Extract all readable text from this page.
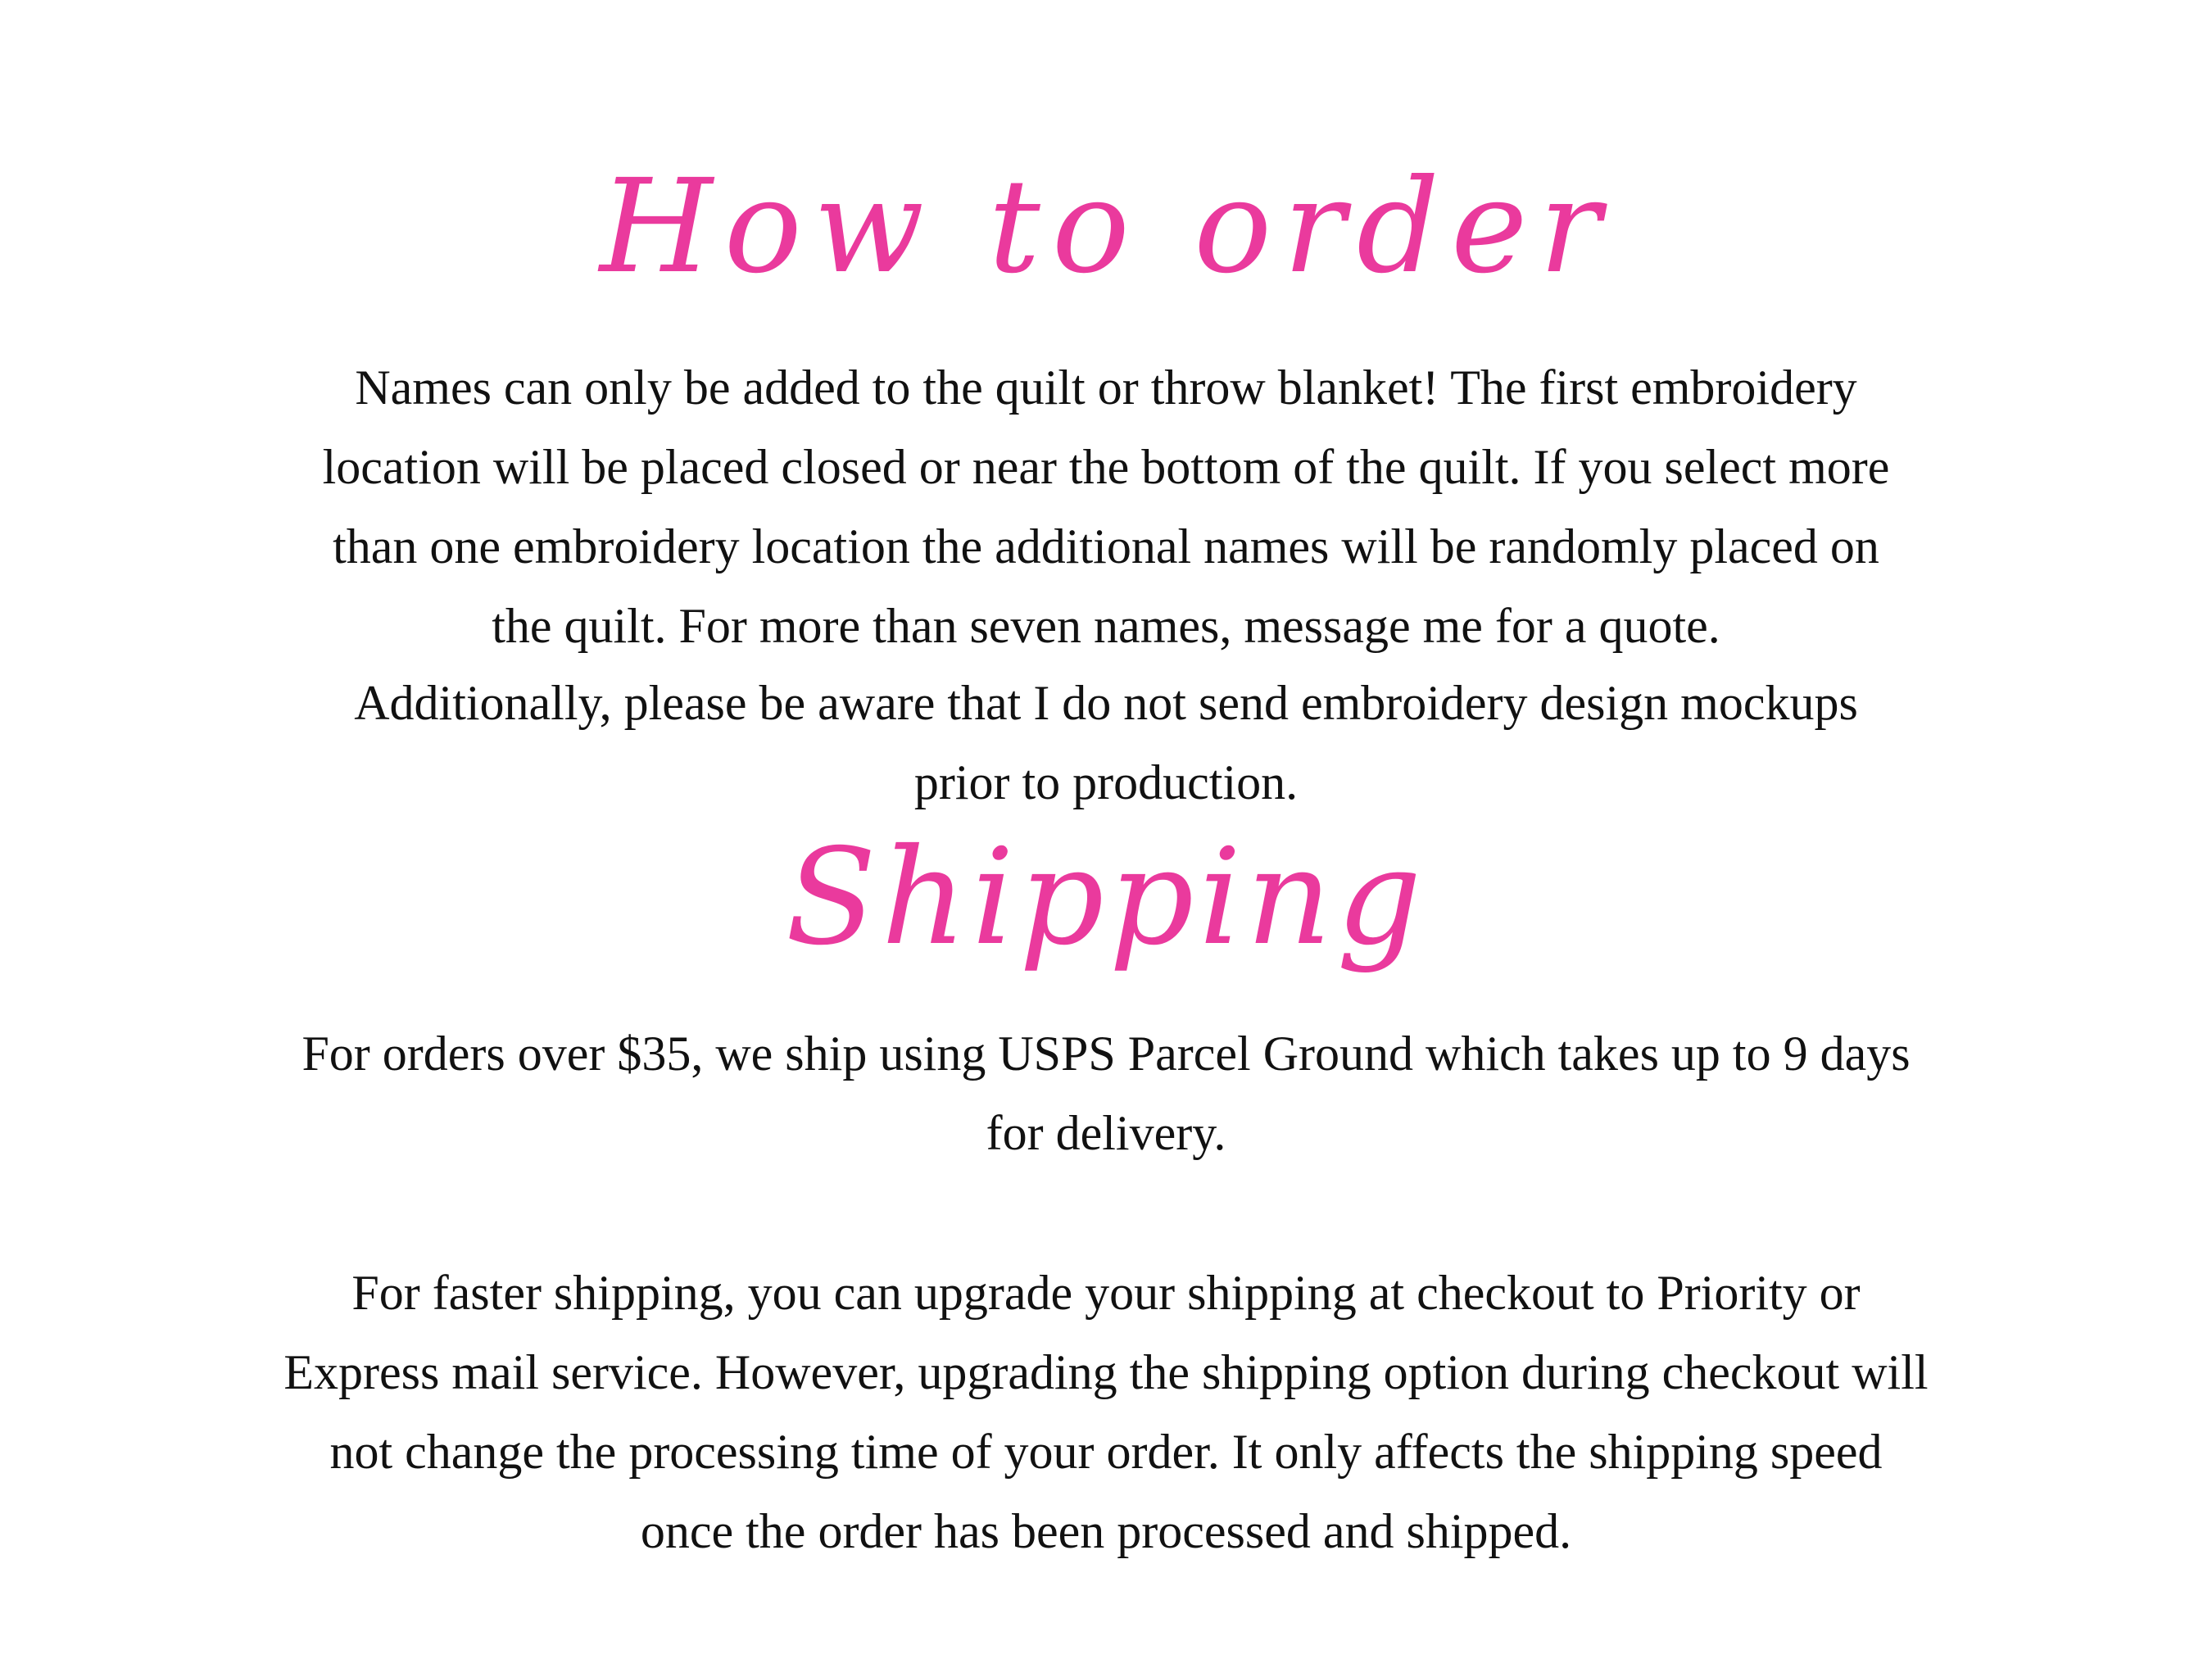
How to order
Names can only be added to the quilt or throw blanket! The first embroidery
location will be placed closed or near the bottom of the quilt. If you select more
than one embroidery location the additional names will be randomly placed on
the quilt. For more than seven names, message me for a quote.
Additionally, please be aware that I do not send embroidery design mockups
prior to production.
Shipping
For orders over $35, we ship using USPS Parcel Ground which takes up to 9 days
for delivery.
For faster shipping, you can upgrade your shipping at checkout to Priority or
Express mail service. However, upgrading the shipping option during checkout will
not change the processing time of your order. It only affects the shipping speed
once the order has been processed and shipped.
